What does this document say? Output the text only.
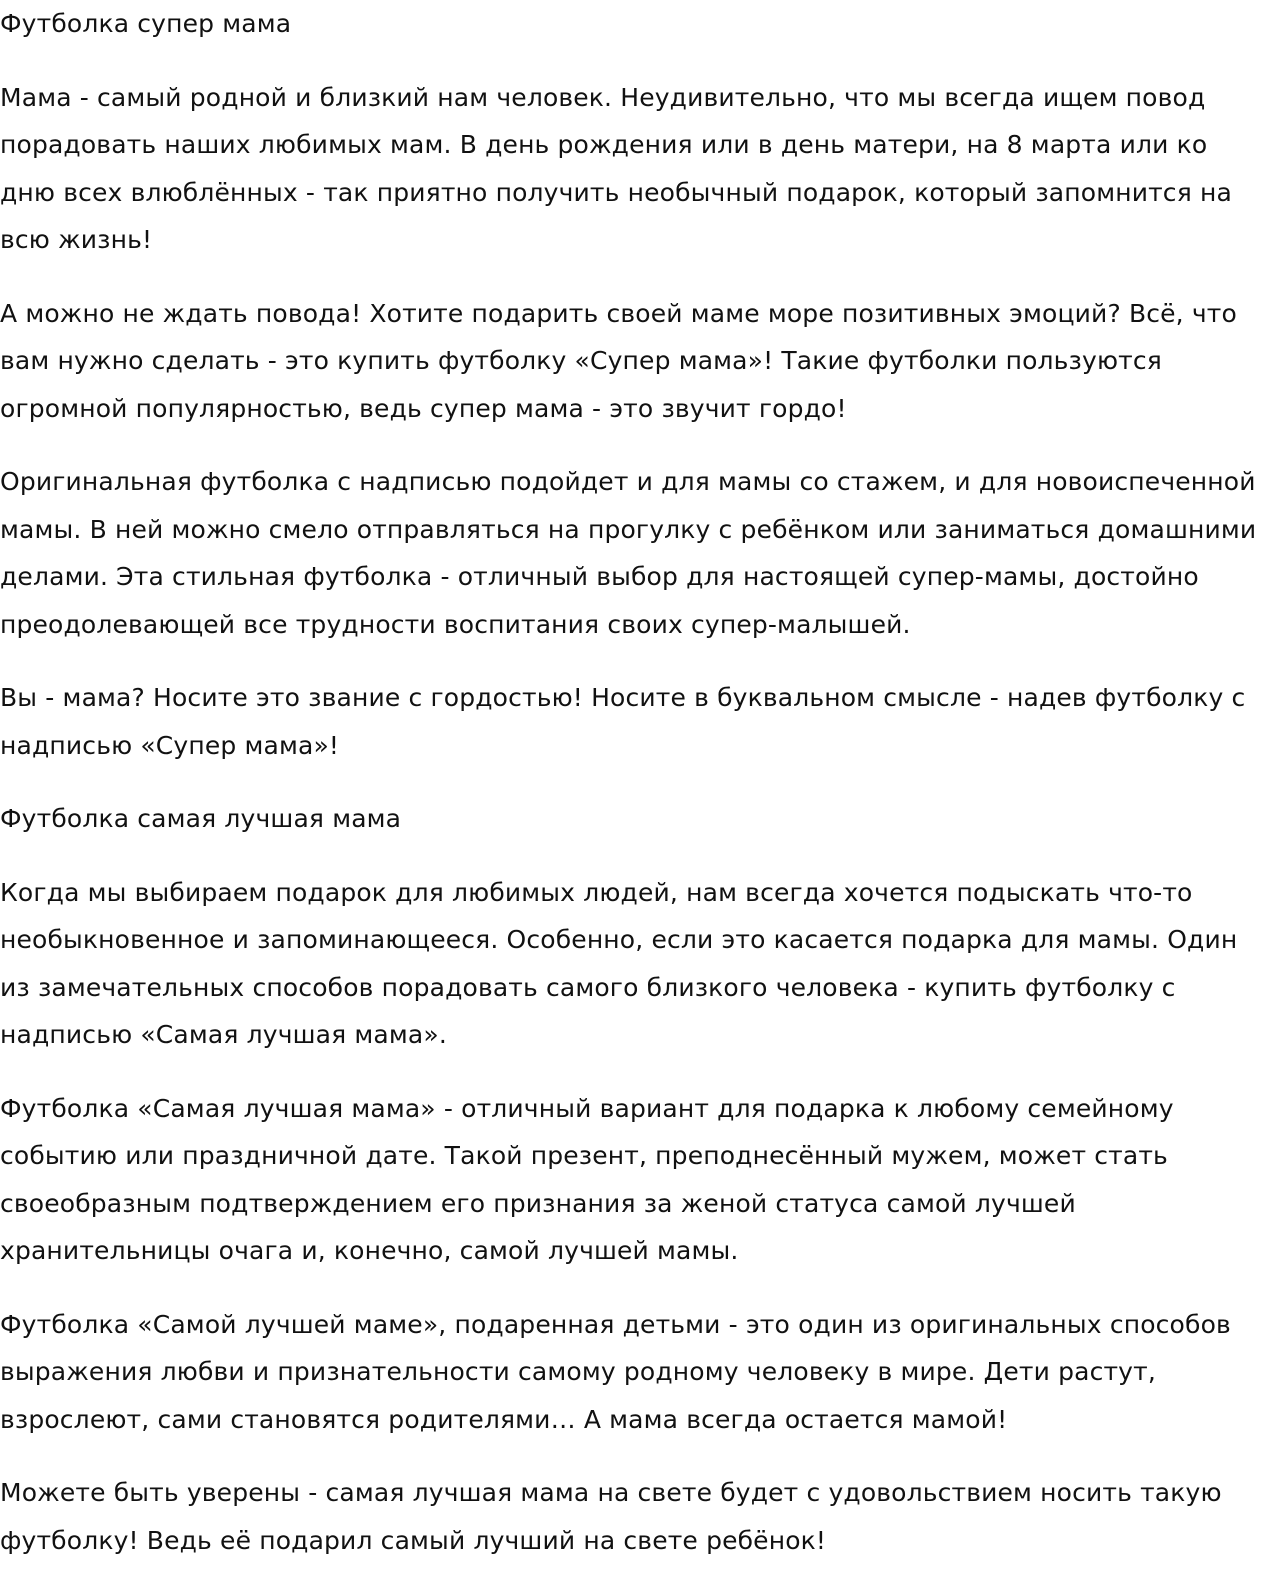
Футболка супер мама

Мама - самый родной и близкий нам человек. Неудивительно, что мы всегда ищем повод порадовать наших любимых мам. В день рождения или в день матери, на 8 марта или ко дню всех влюблённых - так приятно получить необычный подарок, который запомнится на всю жизнь!

А можно не ждать повода! Хотите подарить своей маме море позитивных эмоций? Всё, что вам нужно сделать - это купить футболку «Супер мама»! Такие футболки пользуются огромной популярностью, ведь супер мама - это звучит гордо!

Оригинальная футболка с надписью подойдет и для мамы со стажем, и для новоиспеченной мамы. В ней можно смело отправляться на прогулку с ребёнком или заниматься домашними делами. Эта стильная футболка - отличный выбор для настоящей супер-мамы, достойно преодолевающей все трудности воспитания своих супер-малышей.

Вы - мама? Носите это звание с гордостью! Носите в буквальном смысле - надев футболку с надписью «Супер мама»!

Футболка самая лучшая мама

Когда мы выбираем подарок для любимых людей, нам всегда хочется подыскать что-то необыкновенное и запоминающееся. Особенно, если это касается подарка для мамы. Один из замечательных способов порадовать самого близкого человека - купить футболку с надписью «Самая лучшая мама».

Футболка «Самая лучшая мама» - отличный вариант для подарка к любому семейному событию или праздничной дате. Такой презент, преподнесённый мужем, может стать своеобразным подтверждением его признания за женой статуса самой лучшей хранительницы очага и, конечно, самой лучшей мамы.

Футболка «Самой лучшей маме», подаренная детьми - это один из оригинальных способов выражения любви и признательности самому родному человеку в мире. Дети растут, взрослеют, сами становятся родителями… А мама всегда остается мамой!

Можете быть уверены - самая лучшая мама на свете будет с удовольствием носить такую футболку! Ведь её подарил самый лучший на свете ребёнок!
